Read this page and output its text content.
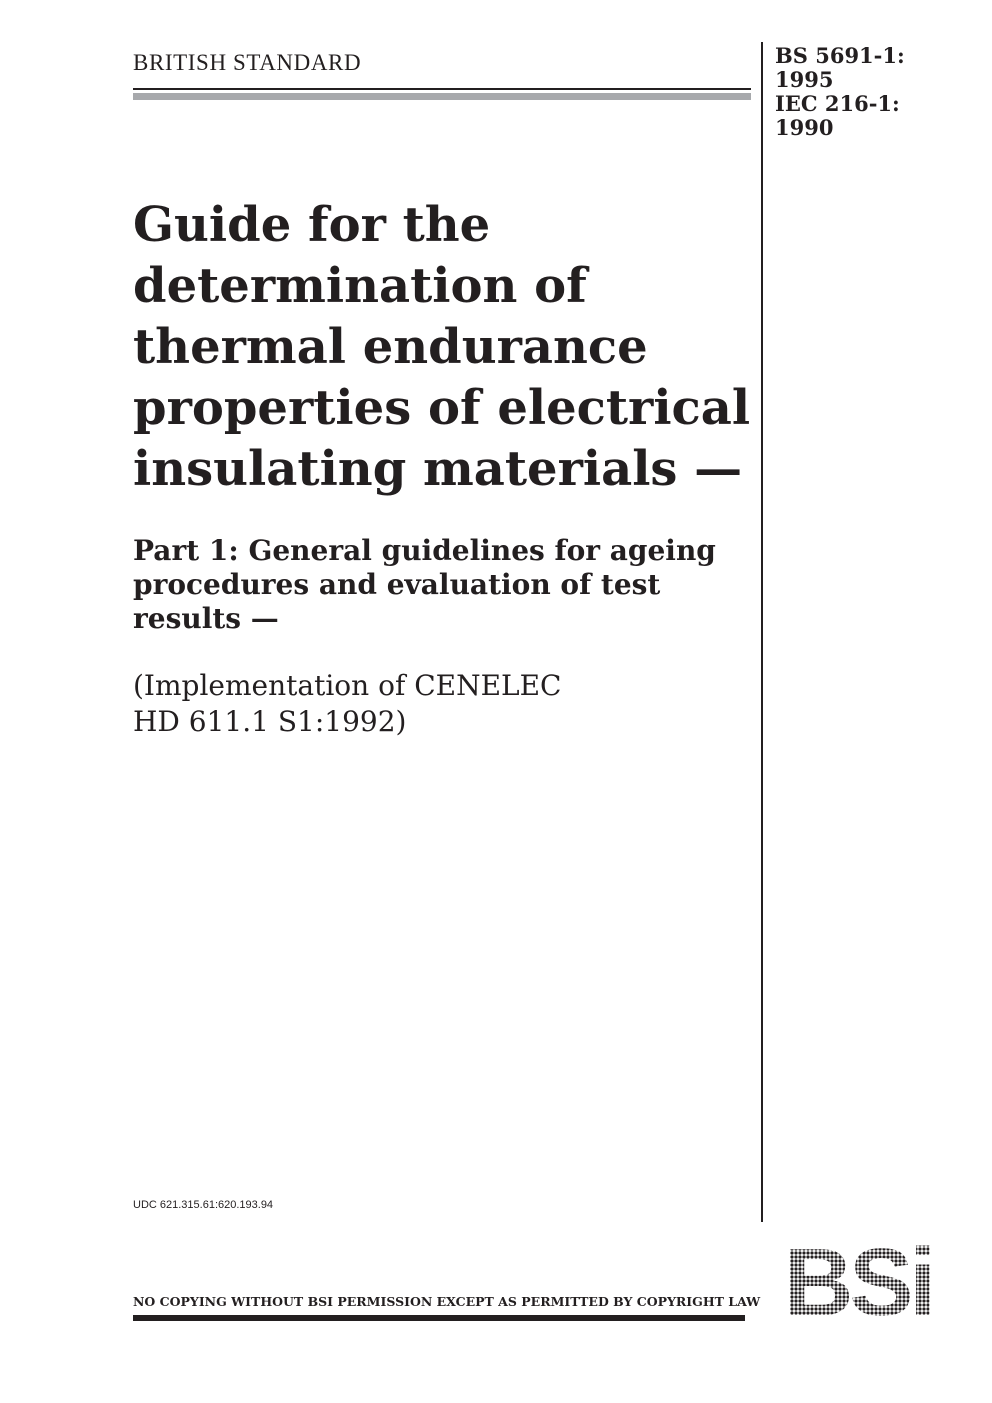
BRITISH STANDARD	BS 5691-1:
1995
IEC 216-1:
1990
Guide for the
determination of
thermal endurance
properties of electrical
insulating materials —
Part 1: General guidelines for ageing
procedures and evaluation of test
results —

(Implementation of CENELEC
HD 611.1 S1:1992)

UDC 621.315.61:620.193.94
NO COPYING WITHOUT BSI PERMISSION EXCEPT AS PERMITTED BY COPYRIGHT LAW BSi
